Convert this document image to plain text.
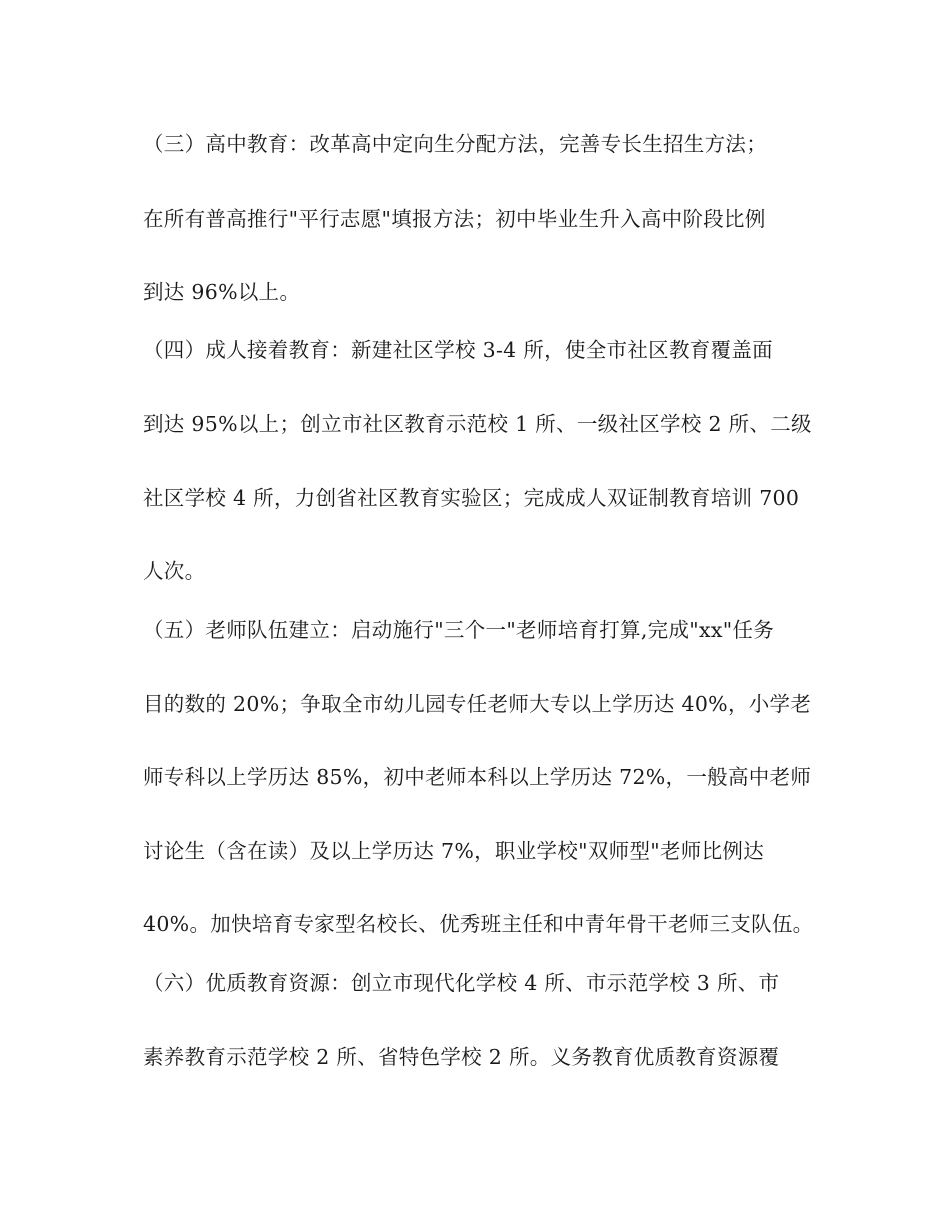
（三）高中教育：改革高中定向生分配方法，完善专长生招生方法；
在所有普高推行"平行志愿"填报方法；初中毕业生升入高中阶段比例
到达 96%以上。
（四）成人接着教育：新建社区学校 3-4 所，使全市社区教育覆盖面
到达 95%以上；创立市社区教育示范校 1 所、一级社区学校 2 所、二级
社区学校 4 所，力创省社区教育实验区；完成成人双证制教育培训 700
人次。
（五）老师队伍建立：启动施行"三个一"老师培育打算,完成"xx"任务
目的数的 20%；争取全市幼儿园专任老师大专以上学历达 40%，小学老
师专科以上学历达 85%，初中老师本科以上学历达 72%，一般高中老师
讨论生（含在读）及以上学历达 7%，职业学校"双师型"老师比例达
40%。加快培育专家型名校长、优秀班主任和中青年骨干老师三支队伍。
（六）优质教育资源：创立市现代化学校 4 所、市示范学校 3 所、市
素养教育示范学校 2 所、省特色学校 2 所。义务教育优质教育资源覆
